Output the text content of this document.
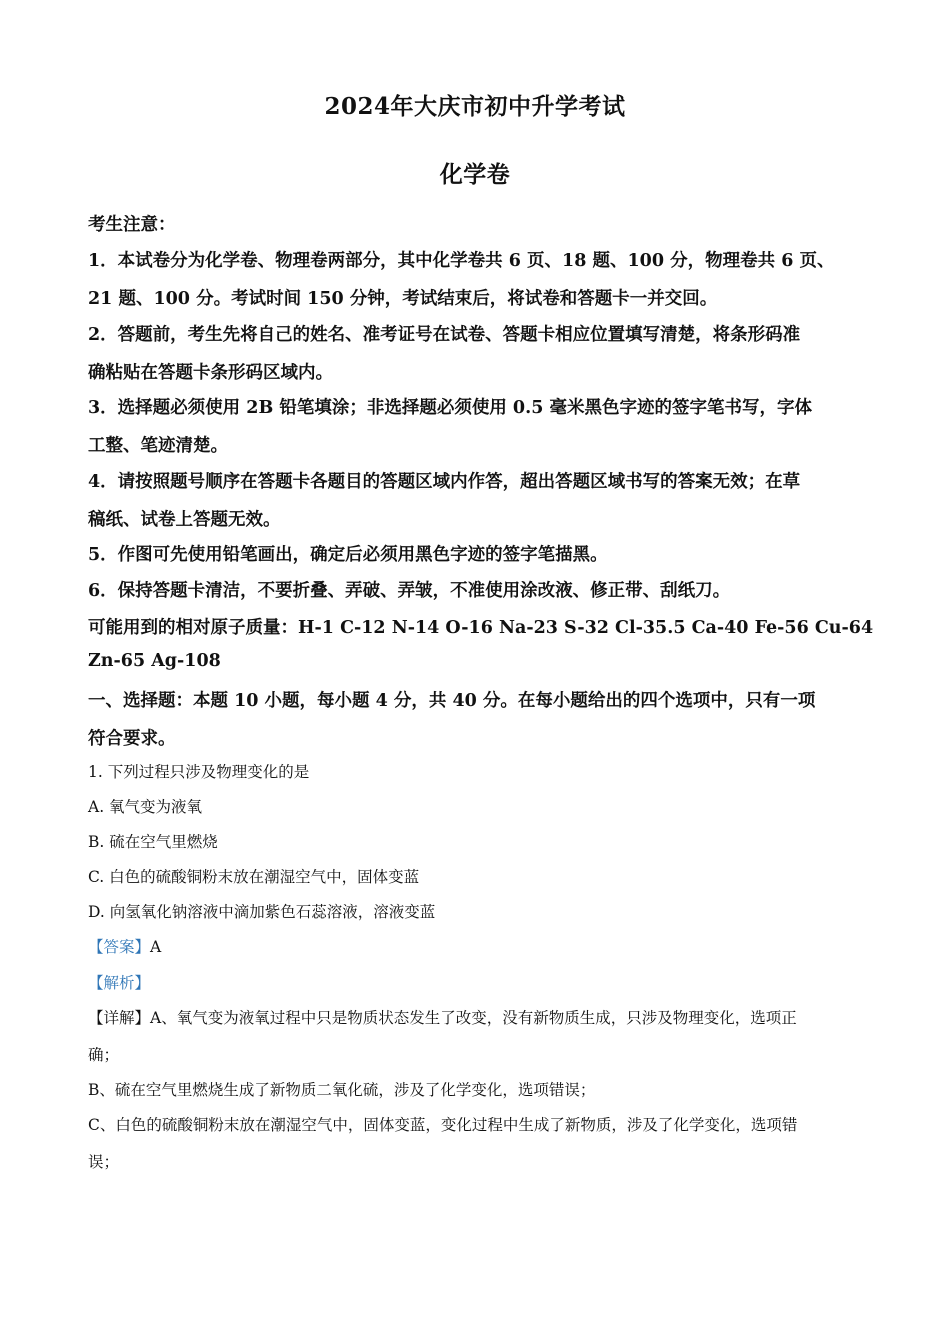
2024年大庆市初中升学考试
化学卷
考生注意：
1．本试卷分为化学卷、物理卷两部分，其中化学卷共 6 页、18 题、100 分，物理卷共 6 页、
21 题、100 分。考试时间 150 分钟，考试结束后，将试卷和答题卡一并交回。
2．答题前，考生先将自己的姓名、准考证号在试卷、答题卡相应位置填写清楚，将条形码准
确粘贴在答题卡条形码区域内。
3．选择题必须使用 2B 铅笔填涂；非选择题必须使用 0.5 毫米黑色字迹的签字笔书写，字体
工整、笔迹清楚。
4．请按照题号顺序在答题卡各题目的答题区域内作答，超出答题区域书写的答案无效；在草
稿纸、试卷上答题无效。
5．作图可先使用铅笔画出，确定后必须用黑色字迹的签字笔描黑。
6．保持答题卡清洁，不要折叠、弄破、弄皱，不准使用涂改液、修正带、刮纸刀。
可能用到的相对原子质量：H-1 C-12 N-14 O-16 Na-23 S-32 Cl-35.5 Ca-40 Fe-56 Cu-64
Zn-65 Ag-108
一、选择题：本题 10 小题，每小题 4 分，共 40 分。在每小题给出的四个选项中，只有一项
符合要求。
1. 下列过程只涉及物理变化的是
A. 氧气变为液氧
B. 硫在空气里燃烧
C. 白色的硫酸铜粉末放在潮湿空气中，固体变蓝
D. 向氢氧化钠溶液中滴加紫色石蕊溶液，溶液变蓝
【答案】A
【解析】
【详解】A、氧气变为液氧过程中只是物质状态发生了改变，没有新物质生成，只涉及物理变化，选项正
确；
B、硫在空气里燃烧生成了新物质二氧化硫，涉及了化学变化，选项错误；
C、白色的硫酸铜粉末放在潮湿空气中，固体变蓝，变化过程中生成了新物质，涉及了化学变化，选项错
误；
